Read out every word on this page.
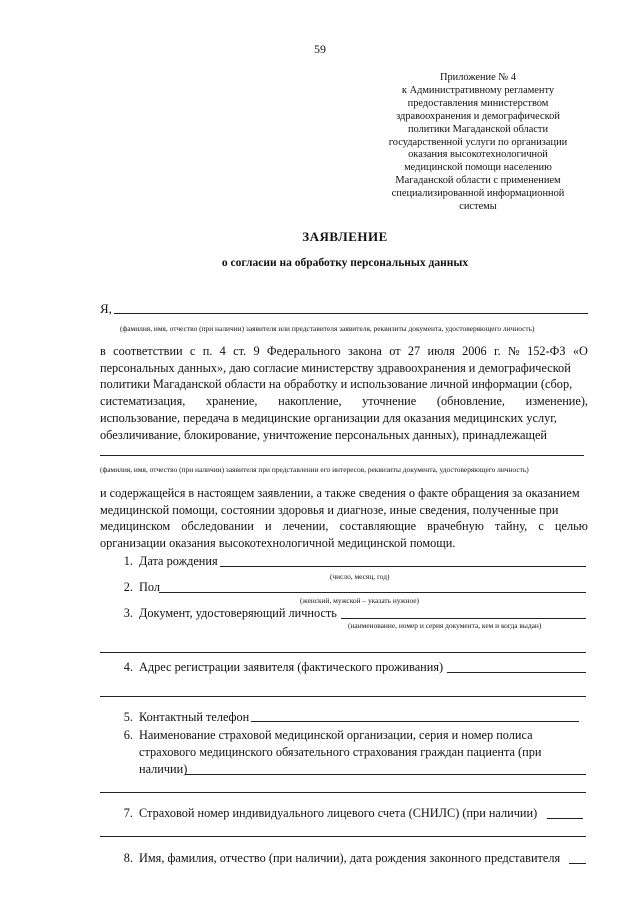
59
Приложение № 4
к Административному регламенту
предоставления министерством
здравоохранения и демографической
политики Магаданской области
государственной услуги по организации
оказания высокотехнологичной
медицинской помощи населению
Магаданской области с применением
специализированной информационной
системы
ЗАЯВЛЕНИЕ
о согласии на обработку персональных данных
Я,
(фамилия, имя, отчество (при наличии) заявителя или представителя заявителя, реквизиты документа, удостоверяющего личность)
в соответствии с п. 4 ст. 9 Федерального закона от 27 июля 2006 г. № 152-ФЗ «О
персональных данных», даю согласие министерству здравоохранения и демографической
политики Магаданской области на обработку и использование личной информации (сбор,
систематизация, хранение, накопление, уточнение (обновление, изменение),
использование, передача в медицинские организации для оказания медицинских услуг,
обезличивание, блокирование, уничтожение персональных данных), принадлежащей
(фамилия, имя, отчество (при наличии) заявителя при представлении его интересов, реквизиты документа, удостоверяющего личность)
и содержащейся в настоящем заявлении, а также сведения о факте обращения за оказанием
медицинской помощи, состоянии здоровья и диагнозе, иные сведения, полученные при
медицинском обследовании и лечении, составляющие врачебную тайну, с целью
организации оказания высокотехнологичной медицинской помощи.
1. Дата рождения
(число, месяц, год)
2. Пол
(женский, мужской – указать нужное)
3. Документ, удостоверяющий личность
(наименование, номер и серия документа, кем и когда выдан)
4. Адрес регистрации заявителя (фактического проживания)
5. Контактный телефон
6. Наименование страховой медицинской организации, серия и номер полиса
страхового медицинского обязательного страхования граждан пациента (при
наличии)
7. Страховой номер индивидуального лицевого счета (СНИЛС) (при наличии)
8. Имя, фамилия, отчество (при наличии), дата рождения законного представителя
